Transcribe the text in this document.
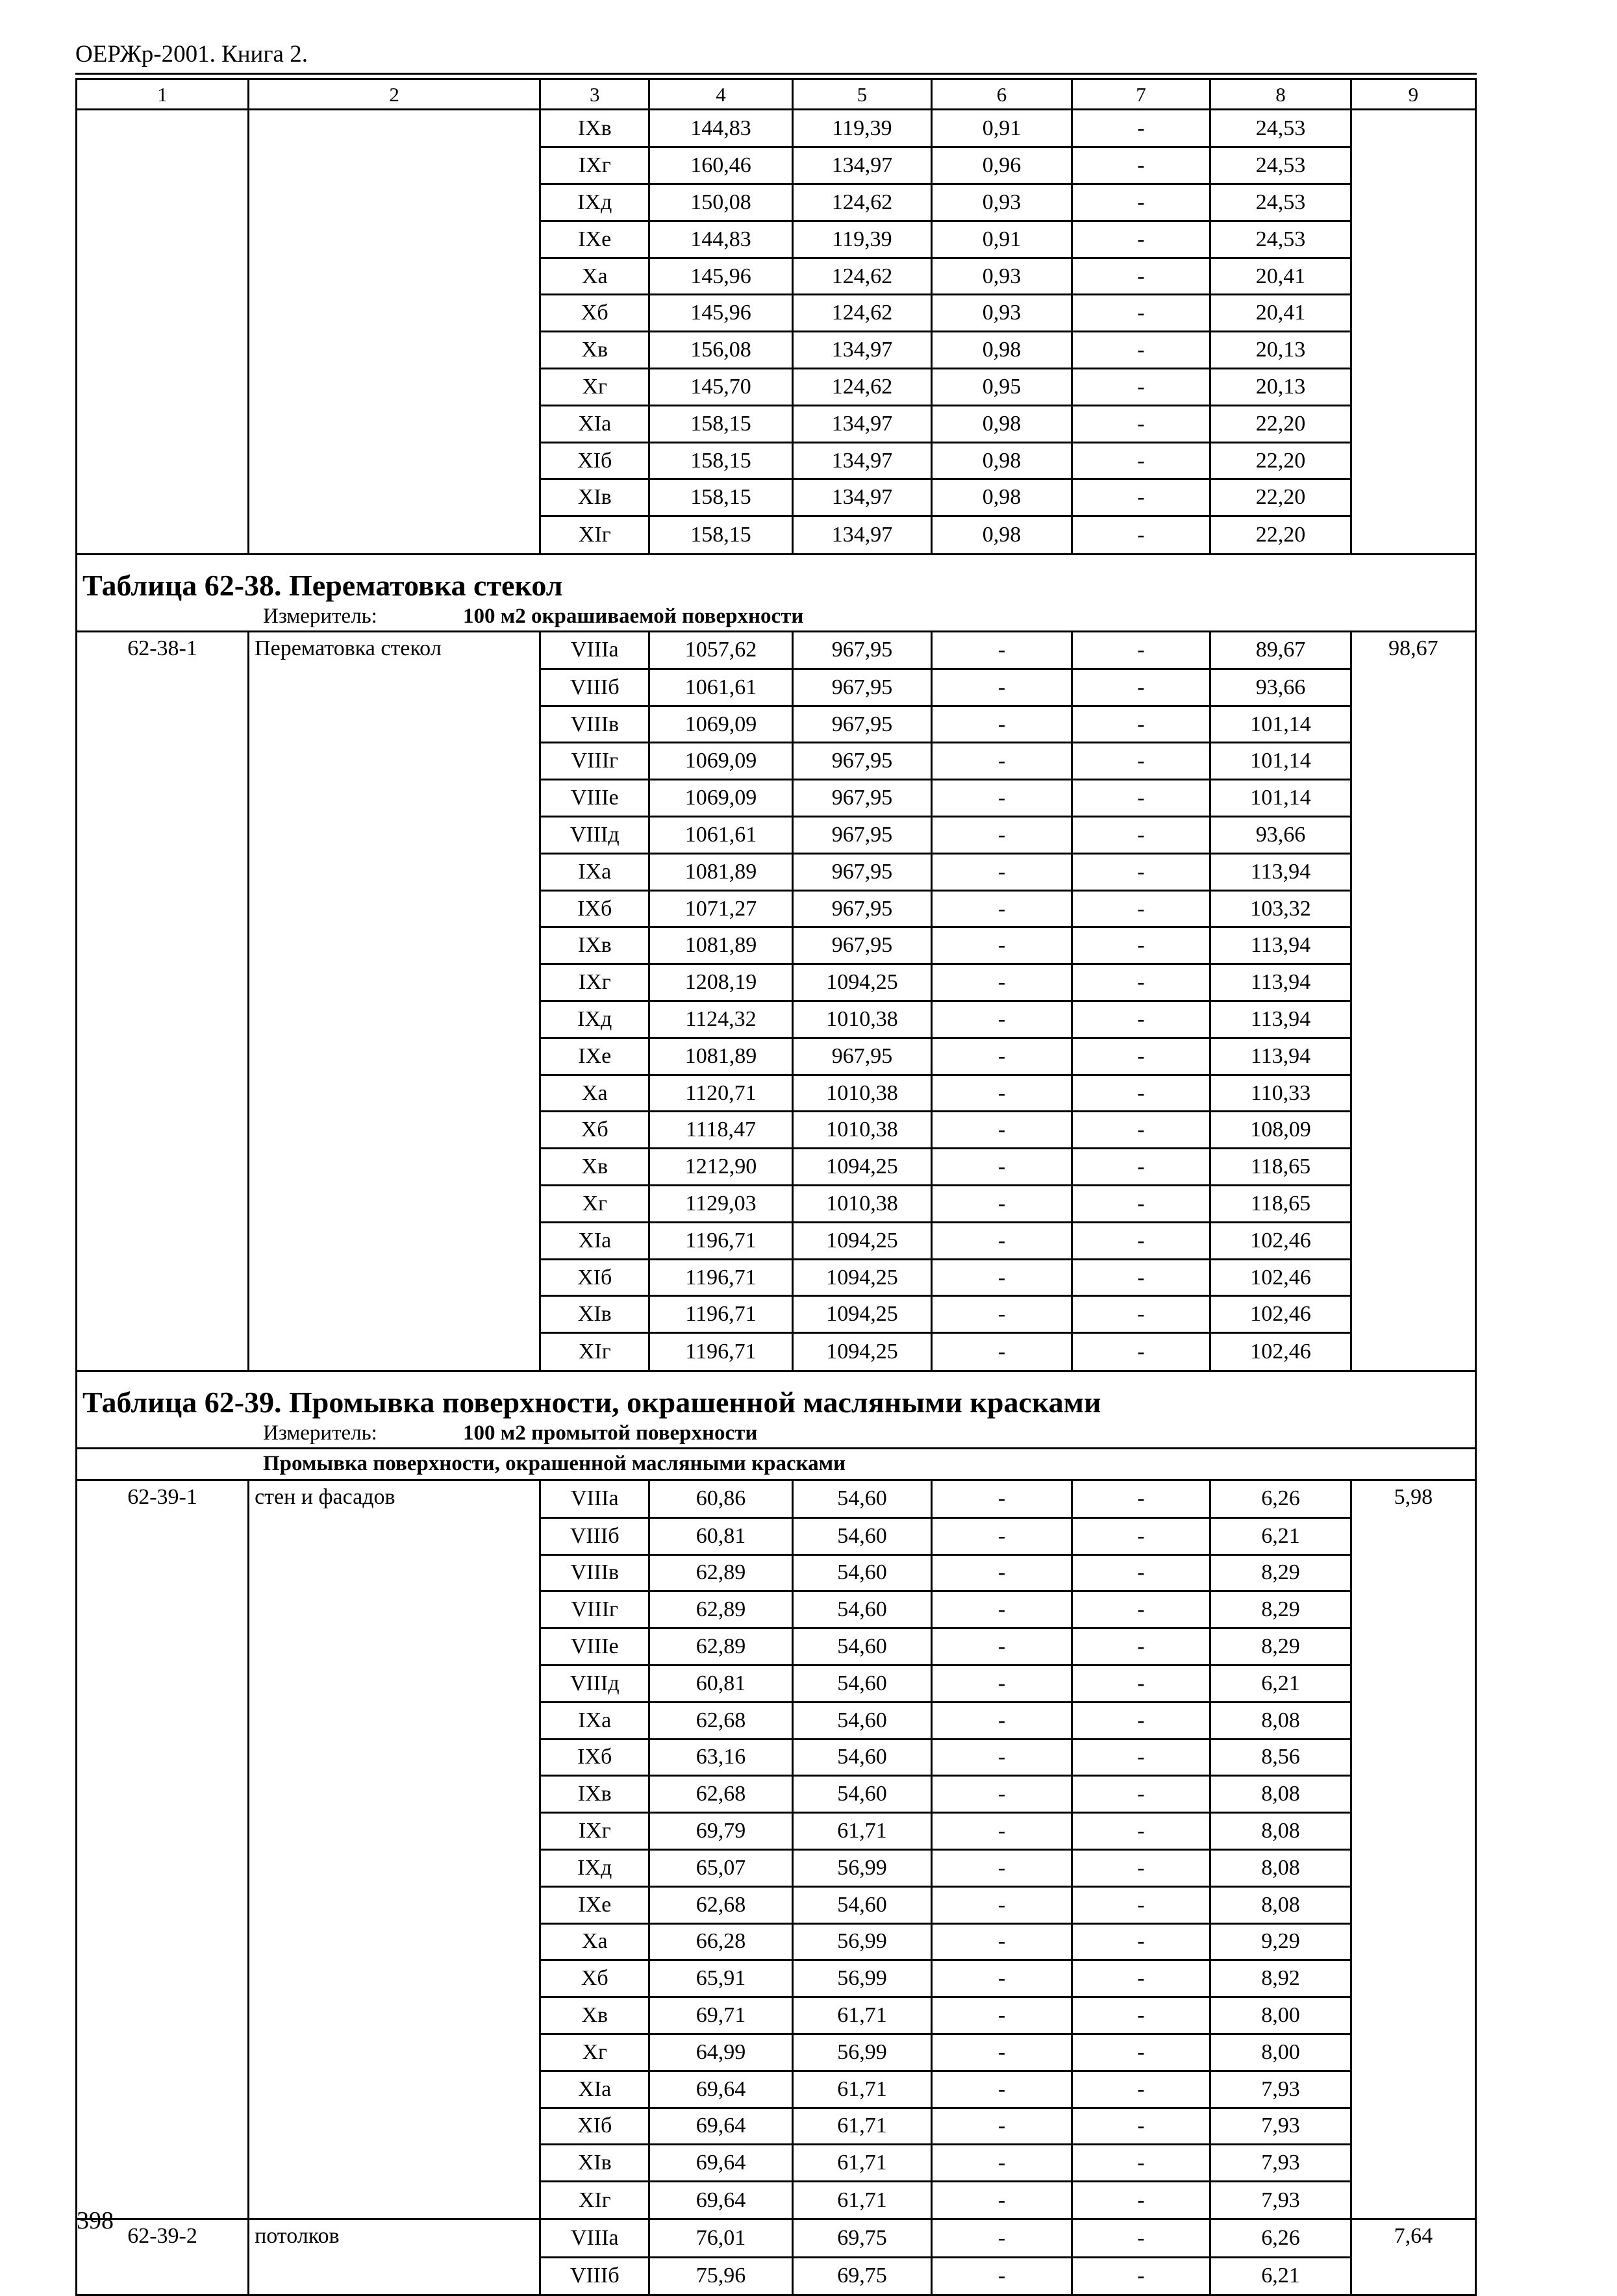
ОЕРЖр-2001. Книга 2.
1	2	3	4	5	6	7	8	9
		IXв	144,83	119,39	0,91	-	24,53	
		IXг	160,46	134,97	0,96	-	24,53	
		IXд	150,08	124,62	0,93	-	24,53	
		IXе	144,83	119,39	0,91	-	24,53	
		Xа	145,96	124,62	0,93	-	20,41	
		Xб	145,96	124,62	0,93	-	20,41	
		Xв	156,08	134,97	0,98	-	20,13	
		Xг	145,70	124,62	0,95	-	20,13	
		XIа	158,15	134,97	0,98	-	22,20	
		XIб	158,15	134,97	0,98	-	22,20	
		XIв	158,15	134,97	0,98	-	22,20	
		XIг	158,15	134,97	0,98	-	22,20	
Таблица 62-38. Перематовка стекол								
Измеритель: 100 м2 окрашиваемой поверхности								
62-38-1	Перематовка стекол	VIIIа	1057,62	967,95	-	-	89,67	98,67
		VIIIб	1061,61	967,95	-	-	93,66	
		VIIIв	1069,09	967,95	-	-	101,14	
		VIIIг	1069,09	967,95	-	-	101,14	
		VIIIе	1069,09	967,95	-	-	101,14	
		VIIIд	1061,61	967,95	-	-	93,66	
		IXа	1081,89	967,95	-	-	113,94	
		IXб	1071,27	967,95	-	-	103,32	
		IXв	1081,89	967,95	-	-	113,94	
		IXг	1208,19	1094,25	-	-	113,94	
		IXд	1124,32	1010,38	-	-	113,94	
		IXе	1081,89	967,95	-	-	113,94	
		Xа	1120,71	1010,38	-	-	110,33	
		Xб	1118,47	1010,38	-	-	108,09	
		Xв	1212,90	1094,25	-	-	118,65	
		Xг	1129,03	1010,38	-	-	118,65	
		XIа	1196,71	1094,25	-	-	102,46	
		XIб	1196,71	1094,25	-	-	102,46	
		XIв	1196,71	1094,25	-	-	102,46	
		XIг	1196,71	1094,25	-	-	102,46	
Таблица 62-39. Промывка поверхности, окрашенной масляными красками								
Измеритель: 100 м2 промытой поверхности								
Промывка поверхности, окрашенной масляными красками								
62-39-1	стен и фасадов	VIIIа	60,86	54,60	-	-	6,26	5,98
		VIIIб	60,81	54,60	-	-	6,21	
		VIIIв	62,89	54,60	-	-	8,29	
		VIIIг	62,89	54,60	-	-	8,29	
		VIIIе	62,89	54,60	-	-	8,29	
		VIIIд	60,81	54,60	-	-	6,21	
		IXа	62,68	54,60	-	-	8,08	
		IXб	63,16	54,60	-	-	8,56	
		IXв	62,68	54,60	-	-	8,08	
		IXг	69,79	61,71	-	-	8,08	
		IXд	65,07	56,99	-	-	8,08	
		IXе	62,68	54,60	-	-	8,08	
		Xа	66,28	56,99	-	-	9,29	
		Xб	65,91	56,99	-	-	8,92	
		Xв	69,71	61,71	-	-	8,00	
		Xг	64,99	56,99	-	-	8,00	
		XIа	69,64	61,71	-	-	7,93	
		XIб	69,64	61,71	-	-	7,93	
		XIв	69,64	61,71	-	-	7,93	
		XIг	69,64	61,71	-	-	7,93	
62-39-2	потолков	VIIIа	76,01	69,75	-	-	6,26	7,64
		VIIIб	75,96	69,75	-	-	6,21	
398
